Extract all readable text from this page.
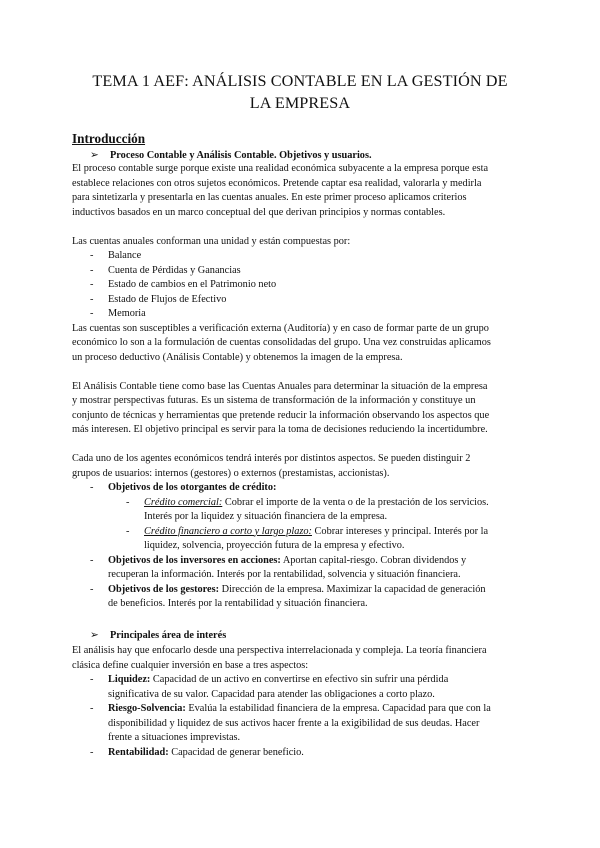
TEMA 1 AEF: ANÁLISIS CONTABLE EN LA GESTIÓN DE
LA EMPRESA
Introducción
➢ Proceso Contable y Análisis Contable. Objetivos y usuarios.
El proceso contable surge porque existe una realidad económica subyacente a la empresa porque esta
establece relaciones con otros sujetos económicos. Pretende captar esa realidad, valorarla y medirla
para sintetizarla y presentarla en las cuentas anuales. En este primer proceso aplicamos criterios
inductivos basados en un marco conceptual del que derivan principios y normas contables.
Las cuentas anuales conforman una unidad y están compuestas por:
- Balance
- Cuenta de Pérdidas y Ganancias
- Estado de cambios en el Patrimonio neto
- Estado de Flujos de Efectivo
- Memoria
Las cuentas son susceptibles a verificación externa (Auditoría) y en caso de formar parte de un grupo
económico lo son a la formulación de cuentas consolidadas del grupo. Una vez construidas aplicamos
un proceso deductivo (Análisis Contable) y obtenemos la imagen de la empresa.
El Análisis Contable tiene como base las Cuentas Anuales para determinar la situación de la empresa
y mostrar perspectivas futuras. Es un sistema de transformación de la información y constituye un
conjunto de técnicas y herramientas que pretende reducir la información observando los aspectos que
más interesen. El objetivo principal es servir para la toma de decisiones reduciendo la incertidumbre.
Cada uno de los agentes económicos tendrá interés por distintos aspectos. Se pueden distinguir 2
grupos de usuarios: internos (gestores) o externos (prestamistas, accionistas).
- Objetivos de los otorgantes de crédito:
- Crédito comercial: Cobrar el importe de la venta o de la prestación de los servicios.
Interés por la liquidez y situación financiera de la empresa.
- Crédito financiero a corto y largo plazo: Cobrar intereses y principal. Interés por la
liquidez, solvencia, proyección futura de la empresa y efectivo.
- Objetivos de los inversores en acciones: Aportan capital-riesgo. Cobran dividendos y
recuperan la información. Interés por la rentabilidad, solvencia y situación financiera.
- Objetivos de los gestores: Dirección de la empresa. Maximizar la capacidad de generación
de beneficios. Interés por la rentabilidad y situación financiera.
➢ Principales área de interés
El análisis hay que enfocarlo desde una perspectiva interrelacionada y compleja. La teoría financiera
clásica define cualquier inversión en base a tres aspectos:
- Liquidez: Capacidad de un activo en convertirse en efectivo sin sufrir una pérdida
significativa de su valor. Capacidad para atender las obligaciones a corto plazo.
- Riesgo-Solvencia: Evalúa la estabilidad financiera de la empresa. Capacidad para que con la
disponibilidad y liquidez de sus activos hacer frente a la exigibilidad de sus deudas. Hacer
frente a situaciones imprevistas.
- Rentabilidad: Capacidad de generar beneficio.
